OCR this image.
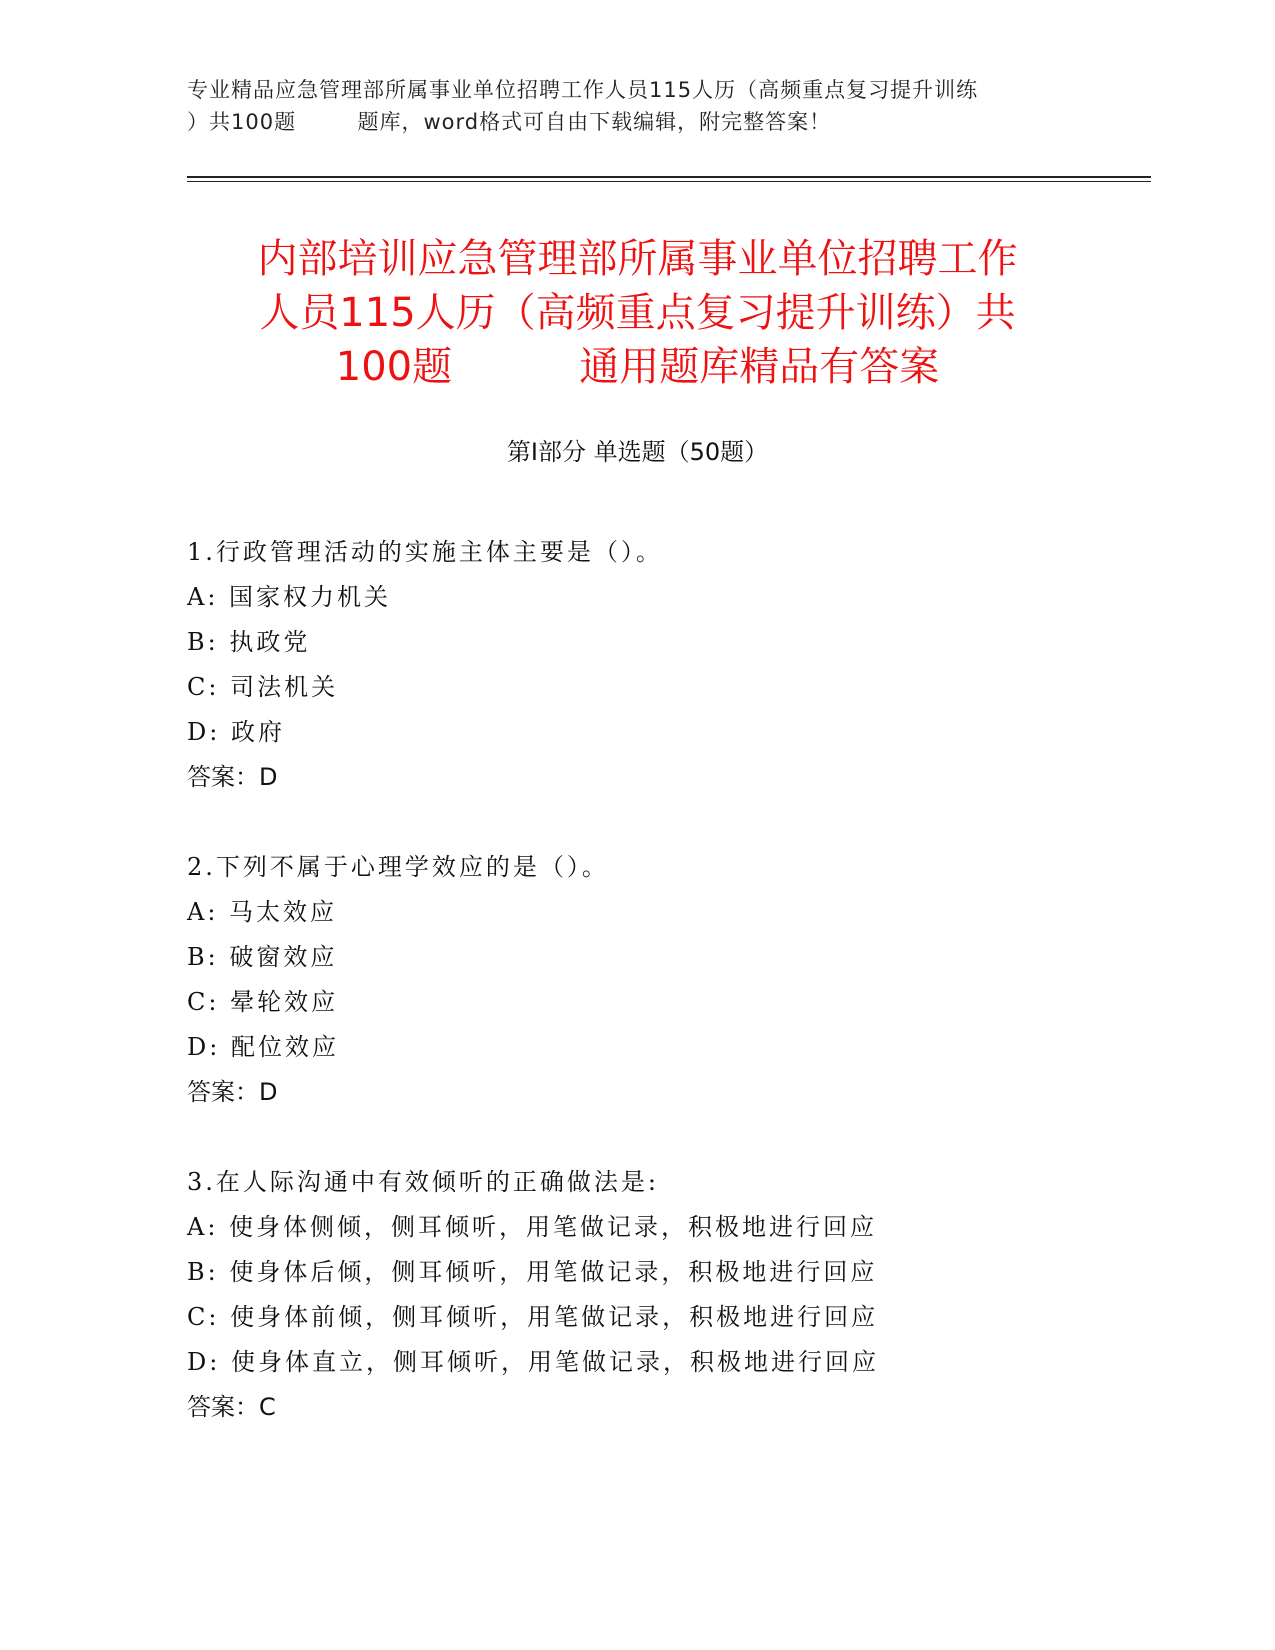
专业精品应急管理部所属事业单位招聘工作人员115人历（高频重点复习提升训练
）共100题        题库，word格式可自由下载编辑，附完整答案！
内部培训应急管理部所属事业单位招聘工作
人员115人历（高频重点复习提升训练）共
100题          通用题库精品有答案
第Ⅰ部分 单选题（50题）
1.行政管理活动的实施主体主要是（）。
A: 国家权力机关
B: 执政党
C: 司法机关
D: 政府
答案：D
2.下列不属于心理学效应的是（）。
A: 马太效应
B: 破窗效应
C: 晕轮效应
D: 配位效应
答案：D
3.在人际沟通中有效倾听的正确做法是:
A: 使身体侧倾，侧耳倾听，用笔做记录，积极地进行回应
B: 使身体后倾，侧耳倾听，用笔做记录，积极地进行回应
C: 使身体前倾，侧耳倾听，用笔做记录，积极地进行回应
D: 使身体直立，侧耳倾听，用笔做记录，积极地进行回应
答案：C
